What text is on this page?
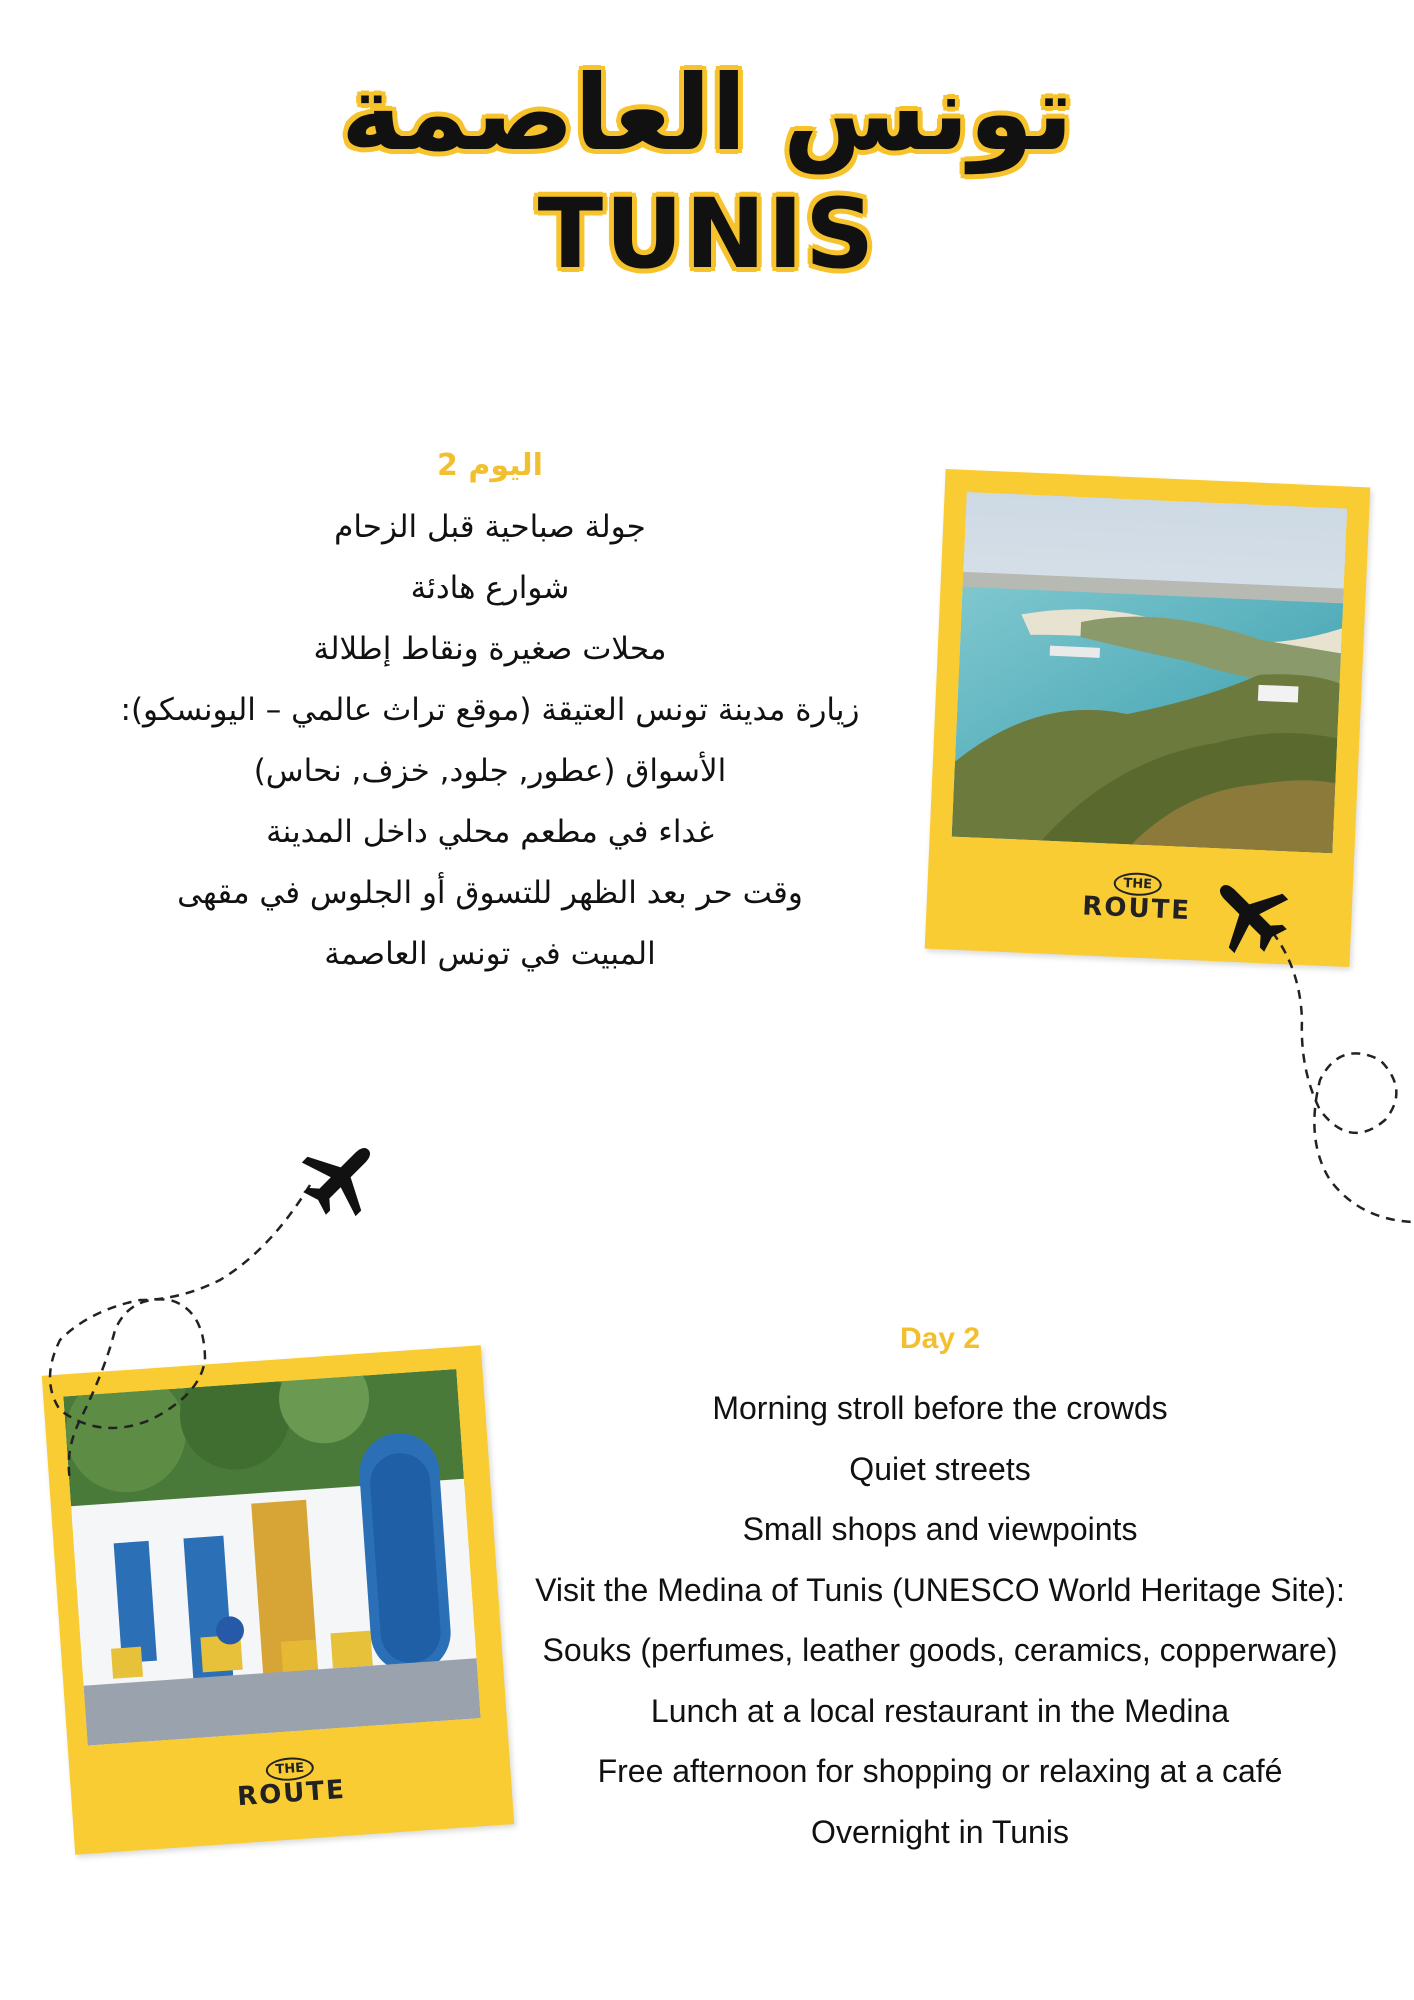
تونس العاصمة
TUNIS

اليوم 2

جولة صباحية قبل الزحام

شوارع هادئة

محلات صغيرة ونقاط إطلالة

زيارة مدينة تونس العتيقة (موقع تراث عالمي – اليونسكو):

الأسواق (عطور, جلود, خزف, نحاس)

غداء في مطعم محلي داخل المدينة

وقت حر بعد الظهر للتسوق أو الجلوس في مقهى

المبيت في تونس العاصمة

Day 2

Morning stroll before the crowds

Quiet streets

Small shops and viewpoints

Visit the Medina of Tunis (UNESCO World Heritage Site):

Souks (perfumes, leather goods, ceramics, copperware)

Lunch at a local restaurant in the Medina

Free afternoon for shopping or relaxing at a café

Overnight in Tunis

THE
ROUTE
THE
ROUTE
